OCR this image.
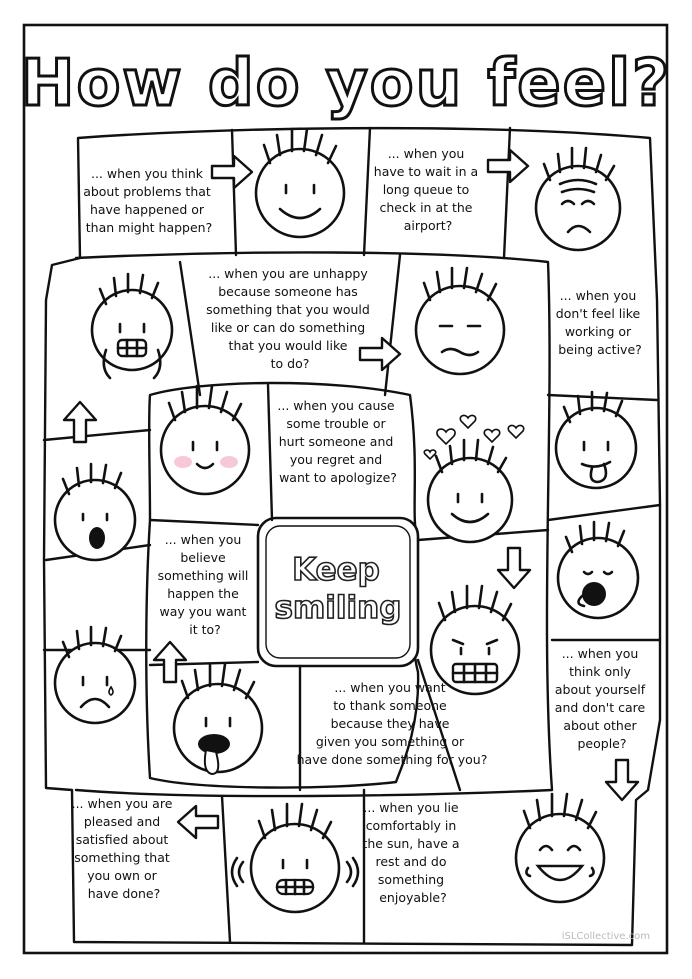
How do you feel?
... when you think about problems that have happened or than might happen?
... when you have to wait in a long queue to check in at the airport?
... when you are unhappy because someone has something that you would like or can do something that you would like to do?
... when you don't feel like working or being active?
... when you cause some trouble or hurt someone and you regret and want to apologize?
... when you believe something will happen the way you want it to?
... when you want to thank someone because they have given you something or have done something for you?
... when you think only about yourself and don't care about other people?
... when you are pleased and satisfied about something that you own or have done?
... when you lie comfortably in the sun, have a rest and do something enjoyable?
Keep
smiling
iSLCollective.com
